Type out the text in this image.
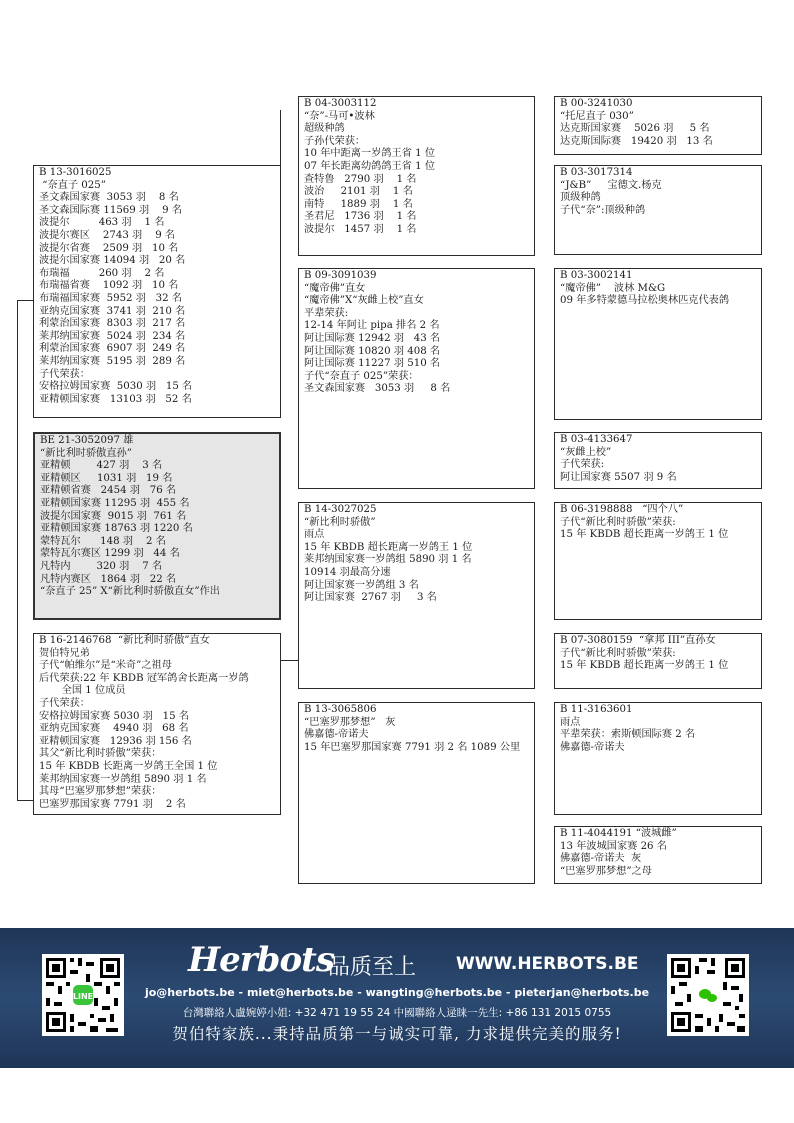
B 13-3016025
“奈直子 025”
圣文森国家赛  3053 羽    8 名
圣文森国际赛 11569 羽    9 名
波提尔         463 羽    1 名
波提尔赛区    2743 羽    9 名
波提尔省赛    2509 羽   10 名
波提尔国家赛 14094 羽   20 名
布瑞福         260 羽    2 名
布瑞福省赛    1092 羽   10 名
布瑞福国家赛  5952 羽   32 名
亚纳克国家赛  3741 羽  210 名
利蒙治国家赛  8303 羽  217 名
莱邦纳国家赛  5024 羽  234 名
利蒙治国家赛  6907 羽  249 名
莱邦纳国家赛  5195 羽  289 名
子代荣获：
安格拉姆国家赛  5030 羽   15 名
亚精顿国家赛   13103 羽   52 名
BE 21-3052097 雄
“新比利时骄傲直孙”
亚精顿        427 羽    3 名
亚精顿区     1031 羽   19 名
亚精顿省赛   2454 羽   76 名
亚精顿国家赛 11295 羽  455 名
波提尔国家赛  9015 羽  761 名
亚精顿国家赛 18763 羽 1220 名
蒙特瓦尔      148 羽    2 名
蒙特瓦尔赛区 1299 羽   44 名
凡特内        320 羽    7 名
凡特内赛区   1864 羽   22 名
“奈直子 25” X“新比利时骄傲直女”作出
B 16-2146768  “新比利时骄傲”直女
贺伯特兄弟
子代“帕维尔”是“米奇”之祖母
后代荣获:22 年 KBDB 冠军鸽舍长距离一岁鸽
全国 1 位成员
子代荣获：
安格拉姆国家赛 5030 羽   15 名
亚纳克国家赛    4940 羽   68 名
亚精顿国家赛   12936 羽 156 名
其父“新比利时骄傲”荣获：
15 年 KBDB 长距离一岁鸽王全国 1 位
莱邦纳国家赛一岁鸽组 5890 羽 1 名
其母“巴塞罗那梦想”荣获：
巴塞罗那国家赛 7791 羽    2 名
B 04-3003112
“奈”-马可•波林
超级种鸽
子孙代荣获：
10 年中距离一岁鸽王省 1 位
07 年长距离幼鸽鸽王省 1 位
查特鲁   2790 羽    1 名
波治     2101 羽    1 名
南特     1889 羽    1 名
圣君尼   1736 羽    1 名
波提尔   1457 羽    1 名
B 09-3091039
“魔帝佛”直女
“魔帝佛”X“灰雌上校”直女
平辈荣获:
12-14 年阿让 pipa 排名 2 名
阿让国际赛 12942 羽   43 名
阿让国际赛 10820 羽 408 名
阿让国际赛 11227 羽 510 名
子代“奈直子 025”荣获：
圣文森国家赛   3053 羽     8 名
B 14-3027025
“新比利时骄傲”
雨点
15 年 KBDB 超长距离一岁鸽王 1 位
莱邦纳国家赛一岁鸽组 5890 羽 1 名
10914 羽最高分速
阿让国家赛一岁鸽组 3 名
阿让国家赛  2767 羽     3 名
B 13-3065806
“巴塞罗那梦想”   灰
佛嘉德-帝诺夫
15 年巴塞罗那国家赛 7791 羽 2 名 1089 公里
B 00-3241030
“托尼直子 030”
达克斯国家赛    5026 羽     5 名
达克斯国际赛   19420 羽   13 名
B 03-3017314
“J&B”     宝德文.杨克
顶级种鸽
子代“奈”:顶级种鸽
B 03-3002141
“魔帝佛”    波林 M&G
09 年多特蒙德马拉松奥林匹克代表鸽
B 03-4133647
“灰雌上校”
子代荣获:
阿让国家赛 5507 羽 9 名
B 06-3198888   “四个八”
子代“新比利时骄傲”荣获:
15 年 KBDB 超长距离一岁鸽王 1 位
B 07-3080159  “拿邦 III”直孙女
子代“新比利时骄傲”荣获:
15 年 KBDB 超长距离一岁鸽王 1 位
B 11-3163601
雨点
平辈荣获：索斯顿国际赛 2 名
佛嘉德-帝诺夫
B 11-4044191 “波城雌”
13 年波城国家赛 26 名
佛嘉德-帝诺夫  灰
“巴塞罗那梦想”之母
LINE
Herbots
品质至上 WWW.HERBOTS.BE
jo@herbots.be - miet@herbots.be - wangting@herbots.be - pieterjan@herbots.be
台灣聯絡人盧婉婷小姐: +32 471 19 55 24 中國聯絡人逯睐一先生: +86 131 2015 0755
贺伯特家族...秉持品质第一与诚实可靠, 力求提供完美的服务!
